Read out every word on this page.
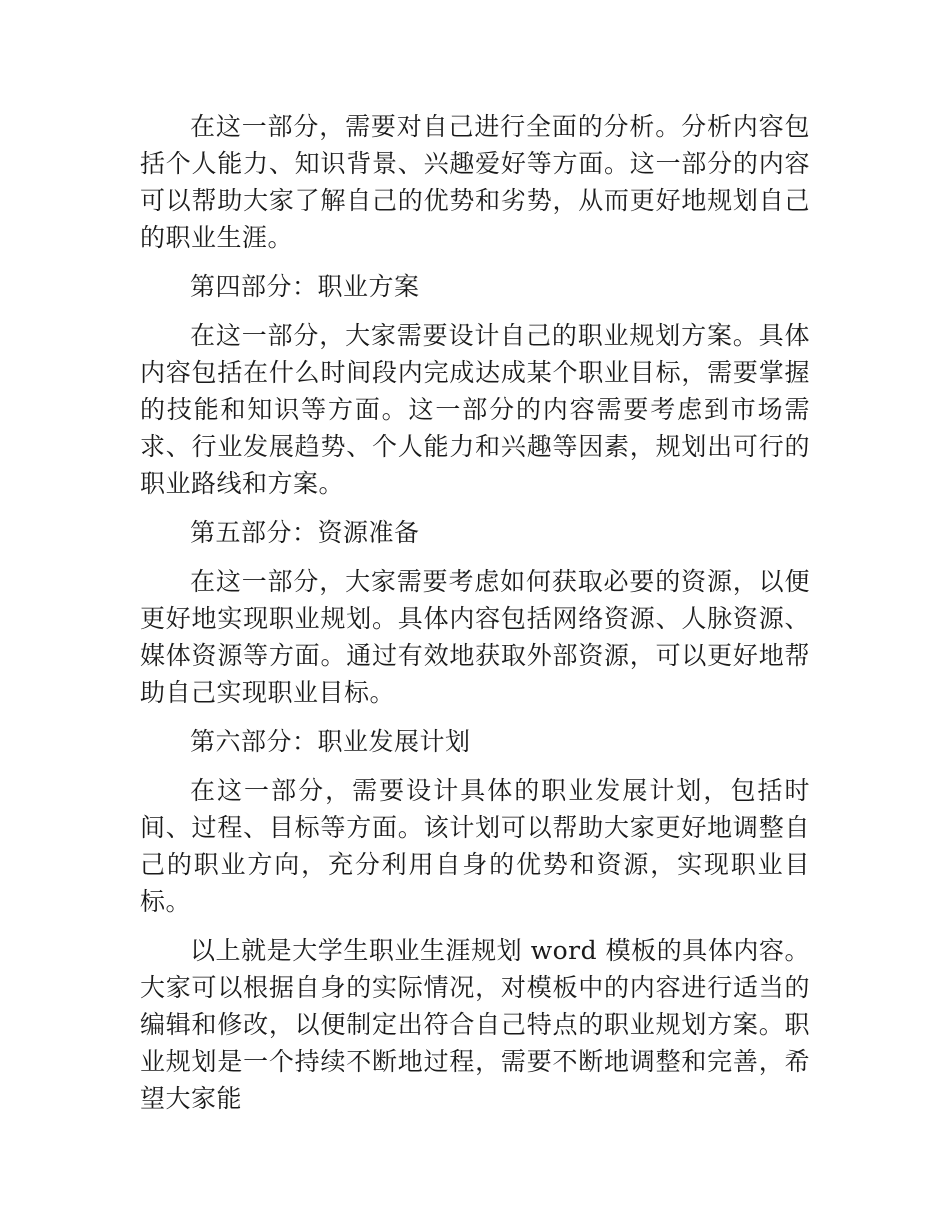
在这一部分，需要对自己进行全面的分析。分析内容包括个人能力、知识背景、兴趣爱好等方面。这一部分的内容可以帮助大家了解自己的优势和劣势，从而更好地规划自己的职业生涯。

第四部分：职业方案

在这一部分，大家需要设计自己的职业规划方案。具体内容包括在什么时间段内完成达成某个职业目标，需要掌握的技能和知识等方面。这一部分的内容需要考虑到市场需求、行业发展趋势、个人能力和兴趣等因素，规划出可行的职业路线和方案。

第五部分：资源准备

在这一部分，大家需要考虑如何获取必要的资源，以便更好地实现职业规划。具体内容包括网络资源、人脉资源、媒体资源等方面。通过有效地获取外部资源，可以更好地帮助自己实现职业目标。

第六部分：职业发展计划

在这一部分，需要设计具体的职业发展计划，包括时间、过程、目标等方面。该计划可以帮助大家更好地调整自己的职业方向，充分利用自身的优势和资源，实现职业目标。

以上就是大学生职业生涯规划 word 模板的具体内容。大家可以根据自身的实际情况，对模板中的内容进行适当的编辑和修改，以便制定出符合自己特点的职业规划方案。职业规划是一个持续不断地过程，需要不断地调整和完善，希望大家能
